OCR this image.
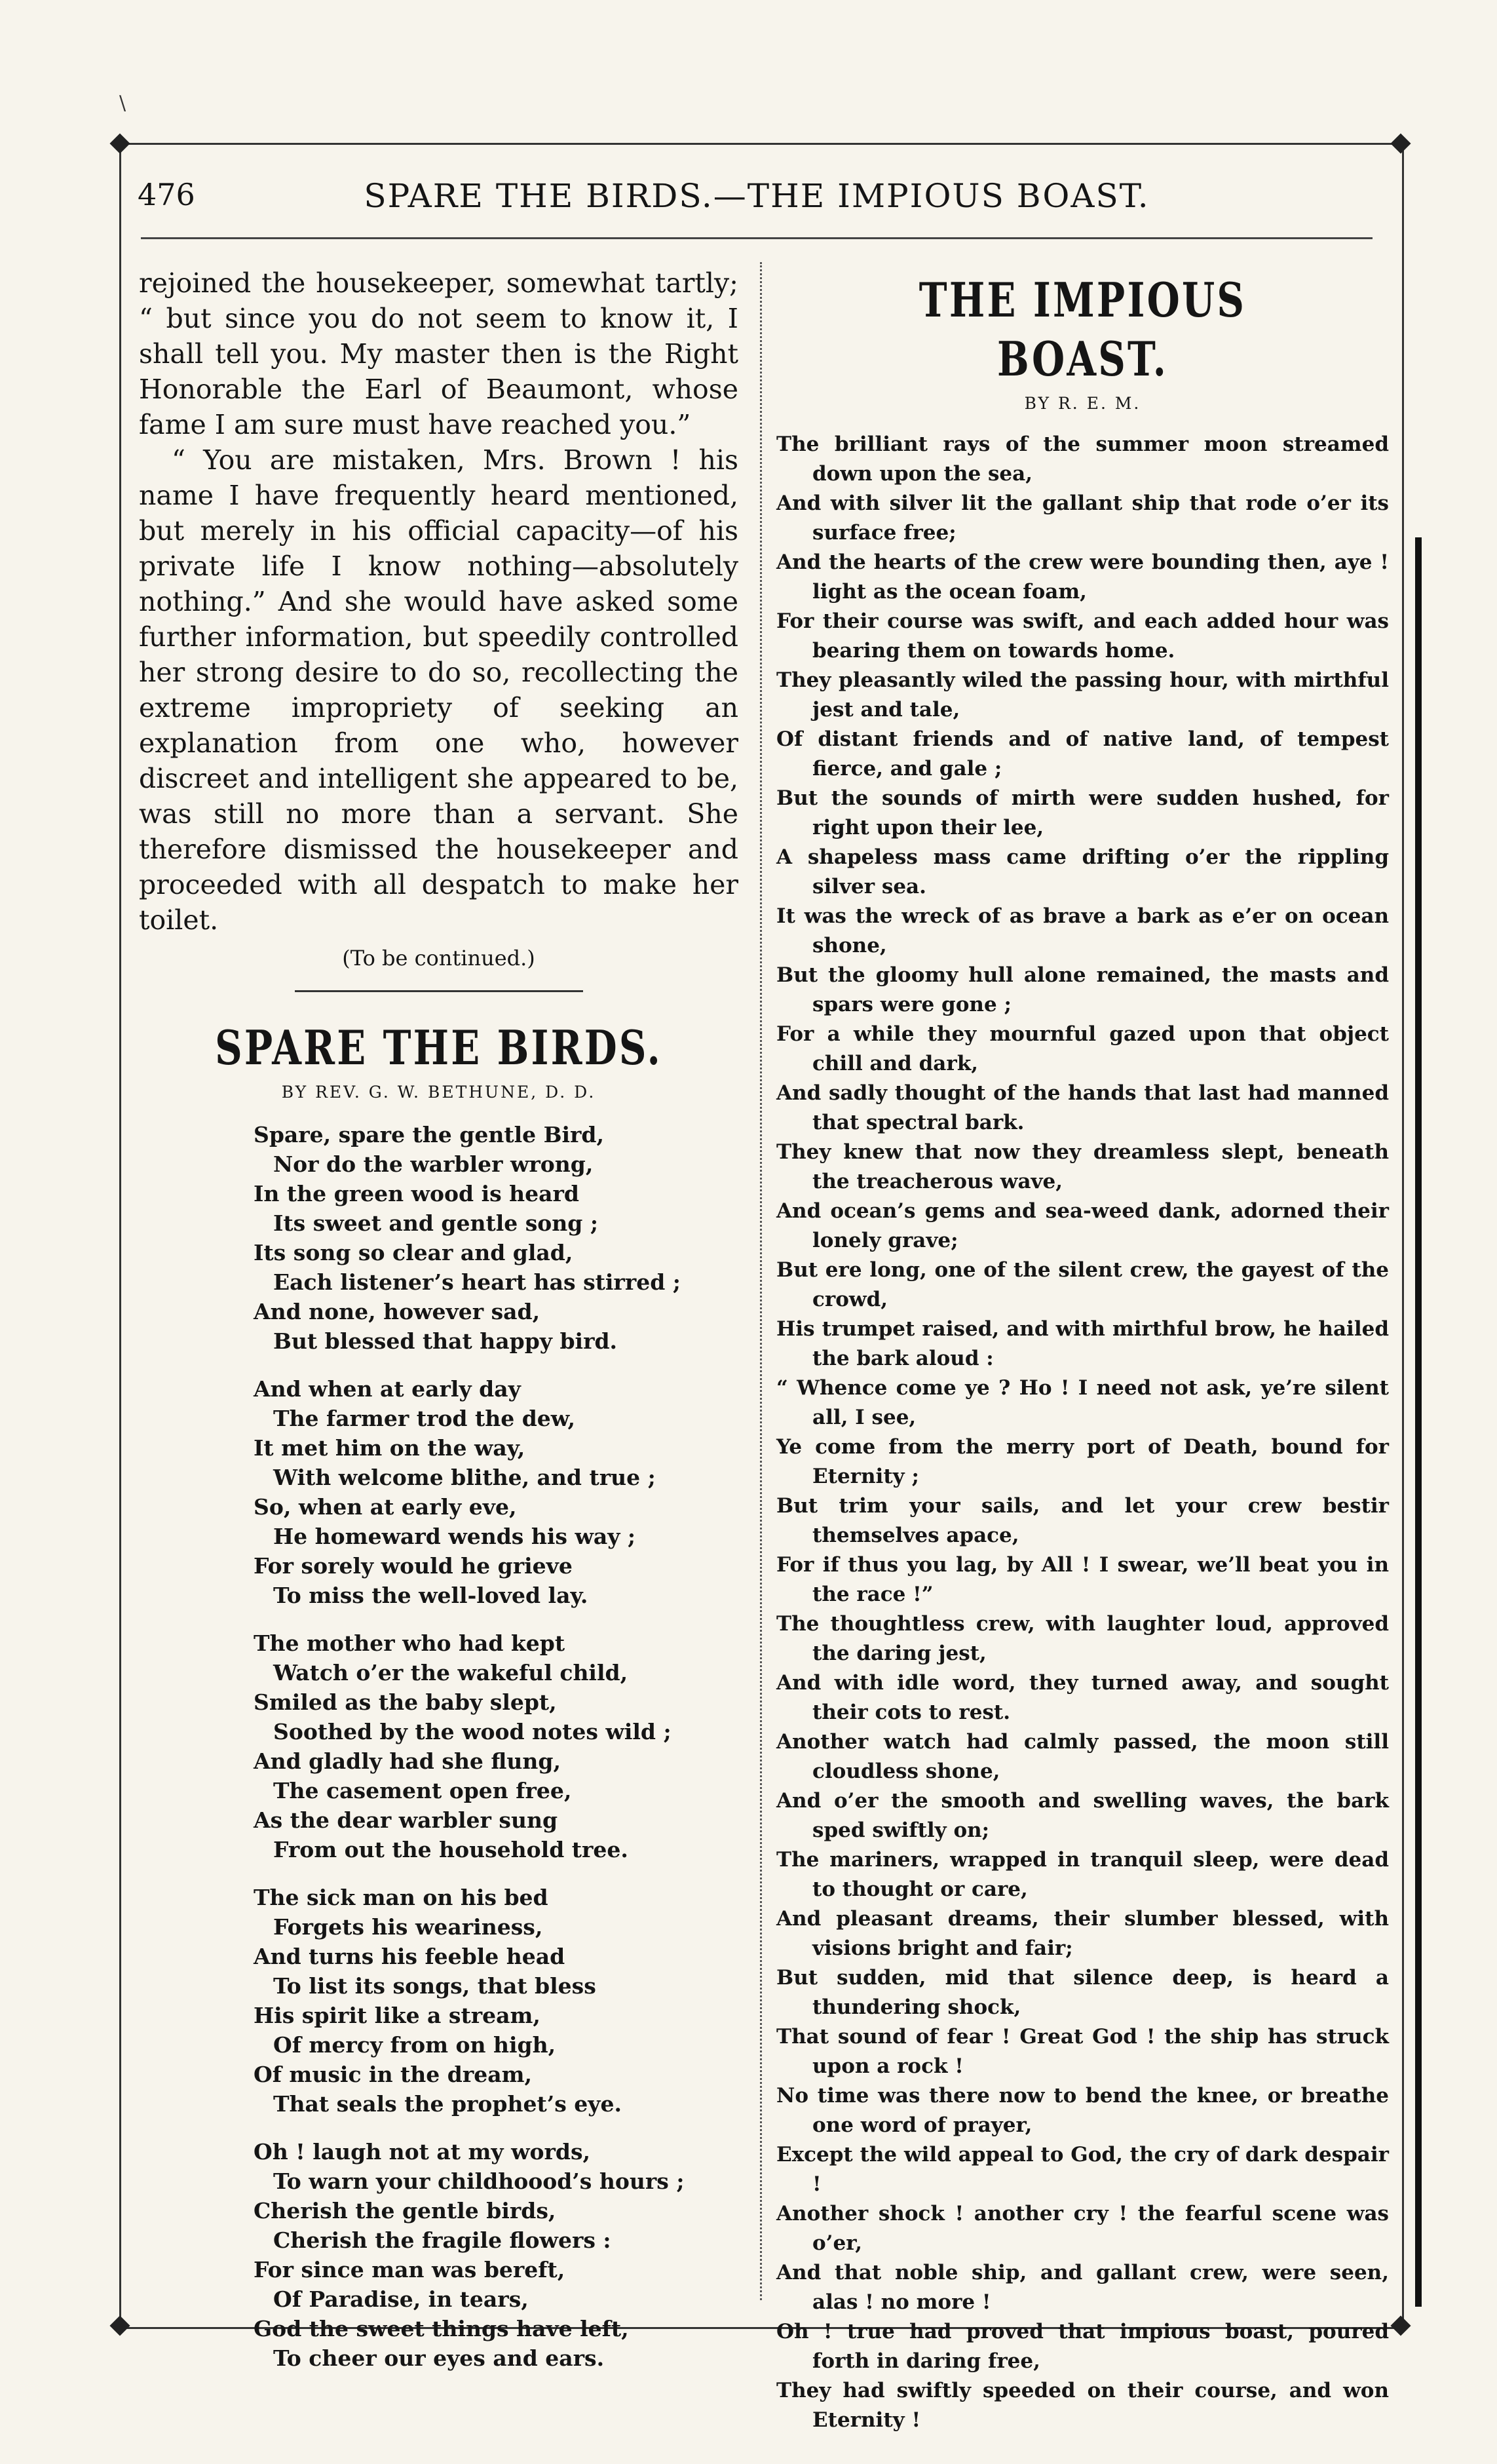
\
476	SPARE THE BIRDS.—THE IMPIOUS BOAST.

rejoined the housekeeper, somewhat tartly; “ but since you do not seem to know it, I shall tell you. My master then is the Right Honorable the Earl of Beaumont, whose fame I am sure must have reached you.”

“ You are mistaken, Mrs. Brown ! his name I have frequently heard mentioned, but merely in his official capacity—of his private life I know nothing—absolutely nothing.” And she would have asked some further information, but speedily controlled her strong desire to do so, recollecting the extreme impropriety of seeking an explanation from one who, however discreet and intelligent she appeared to be, was still no more than a servant. She therefore dismissed the housekeeper and proceeded with all despatch to make her toilet.

(To be continued.)
SPARE THE BIRDS.
BY REV. G. W. BETHUNE, D. D.
Spare, spare the gentle Bird,
Nor do the warbler wrong,
In the green wood is heard
Its sweet and gentle song ;
Its song so clear and glad,
Each listener’s heart has stirred ;
And none, however sad,
But blessed that happy bird.
And when at early day
The farmer trod the dew,
It met him on the way,
With welcome blithe, and true ;
So, when at early eve,
He homeward wends his way ;
For sorely would he grieve
To miss the well-loved lay.
The mother who had kept
Watch o’er the wakeful child,
Smiled as the baby slept,
Soothed by the wood notes wild ;
And gladly had she flung,
The casement open free,
As the dear warbler sung
From out the household tree.
The sick man on his bed
Forgets his weariness,
And turns his feeble head
To list its songs, that bless
His spirit like a stream,
Of mercy from on high,
Of music in the dream,
That seals the prophet’s eye.
Oh ! laugh not at my words,
To warn your childhoood’s hours ;
Cherish the gentle birds,
Cherish the fragile flowers :
For since man was bereft,
Of Paradise, in tears,
God the sweet things have left,
To cheer our eyes and ears.
THE IMPIOUS BOAST.
BY R. E. M.
The brilliant rays of the summer moon streamed down upon the sea,
And with silver lit the gallant ship that rode o’er its surface free;
And the hearts of the crew were bounding then, aye ! light as the ocean foam,
For their course was swift, and each added hour was bearing them on towards home.
They pleasantly wiled the passing hour, with mirthful jest and tale,
Of distant friends and of native land, of tempest fierce, and gale ;
But the sounds of mirth were sudden hushed, for right upon their lee,
A shapeless mass came drifting o’er the rippling silver sea.
It was the wreck of as brave a bark as e’er on ocean shone,
But the gloomy hull alone remained, the masts and spars were gone ;
For a while they mournful gazed upon that object chill and dark,
And sadly thought of the hands that last had manned that spectral bark.
They knew that now they dreamless slept, beneath the treacherous wave,
And ocean’s gems and sea-weed dank, adorned their lonely grave;
But ere long, one of the silent crew, the gayest of the crowd,
His trumpet raised, and with mirthful brow, he hailed the bark aloud :
“ Whence come ye ? Ho ! I need not ask, ye’re silent all, I see,
Ye come from the merry port of Death, bound for Eternity ;
But trim your sails, and let your crew bestir themselves apace,
For if thus you lag, by All ! I swear, we’ll beat you in the race !”
The thoughtless crew, with laughter loud, approved the daring jest,
And with idle word, they turned away, and sought their cots to rest.
Another watch had calmly passed, the moon still cloudless shone,
And o’er the smooth and swelling waves, the bark sped swiftly on;
The mariners, wrapped in tranquil sleep, were dead to thought or care,
And pleasant dreams, their slumber blessed, with visions bright and fair;
But sudden, mid that silence deep, is heard a thundering shock,
That sound of fear ! Great God ! the ship has struck upon a rock !
No time was there now to bend the knee, or breathe one word of prayer,
Except the wild appeal to God, the cry of dark despair !
Another shock ! another cry ! the fearful scene was o’er,
And that noble ship, and gallant crew, were seen, alas ! no more !
Oh ! true had proved that impious boast, poured forth in daring free,
They had swiftly speeded on their course, and won Eternity !
